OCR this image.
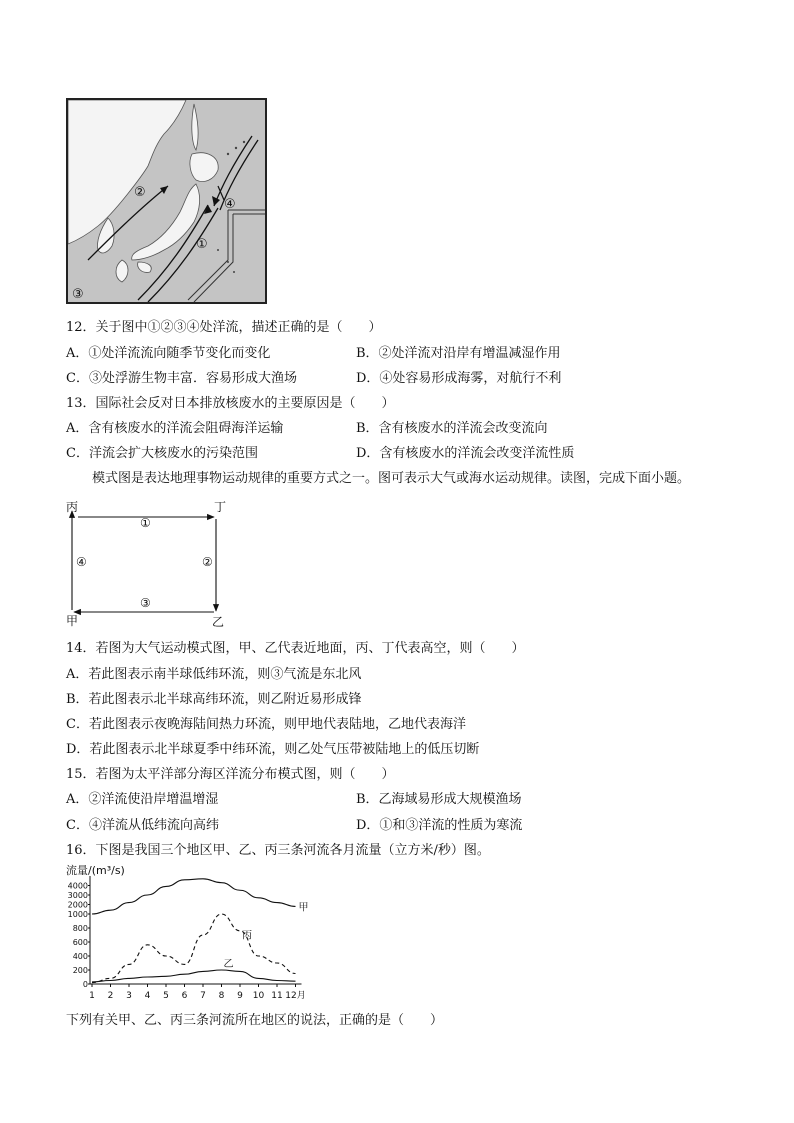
②
④
①
③
12．关于图中①②③④处洋流，描述正确的是（　　）
A．①处洋流流向随季节变化而变化	B．②处洋流对沿岸有增温减湿作用
C．③处浮游生物丰富．容易形成大渔场	D．④处容易形成海雾，对航行不利
13．国际社会反对日本排放核废水的主要原因是（　　）
A．含有核废水的洋流会阻碍海洋运输	B．含有核废水的洋流会改变流向
C．洋流会扩大核废水的污染范围	D．含有核废水的洋流会改变洋流性质
模式图是表达地理事物运动规律的重要方式之一。图可表示大气或海水运动规律。读图，完成下面小题。
丙	丁
甲	乙
①
②
③
④
14．若图为大气运动模式图，甲、乙代表近地面，丙、丁代表高空，则（　　）
A．若此图表示南半球低纬环流，则③气流是东北风
B．若此图表示北半球高纬环流，则乙附近易形成锋
C．若此图表示夜晚海陆间热力环流，则甲地代表陆地，乙地代表海洋
D．若此图表示北半球夏季中纬环流，则乙处气压带被陆地上的低压切断
15．若图为太平洋部分海区洋流分布模式图，则（　　）
A．②洋流使沿岸增温增湿	B．乙海域易形成大规模渔场
C．④洋流从低纬流向高纬	D．①和③洋流的性质为寒流
16．下图是我国三个地区甲、乙、丙三条河流各月流量（立方米/秒）图。
流量/(m³/s)
4000
3000
2000
1000
800
600
400
200
0
1 2 3 4 5 6 7 8 9 10 11 12月
甲
丙
乙
下列有关甲、乙、丙三条河流所在地区的说法，正确的是（　　）
